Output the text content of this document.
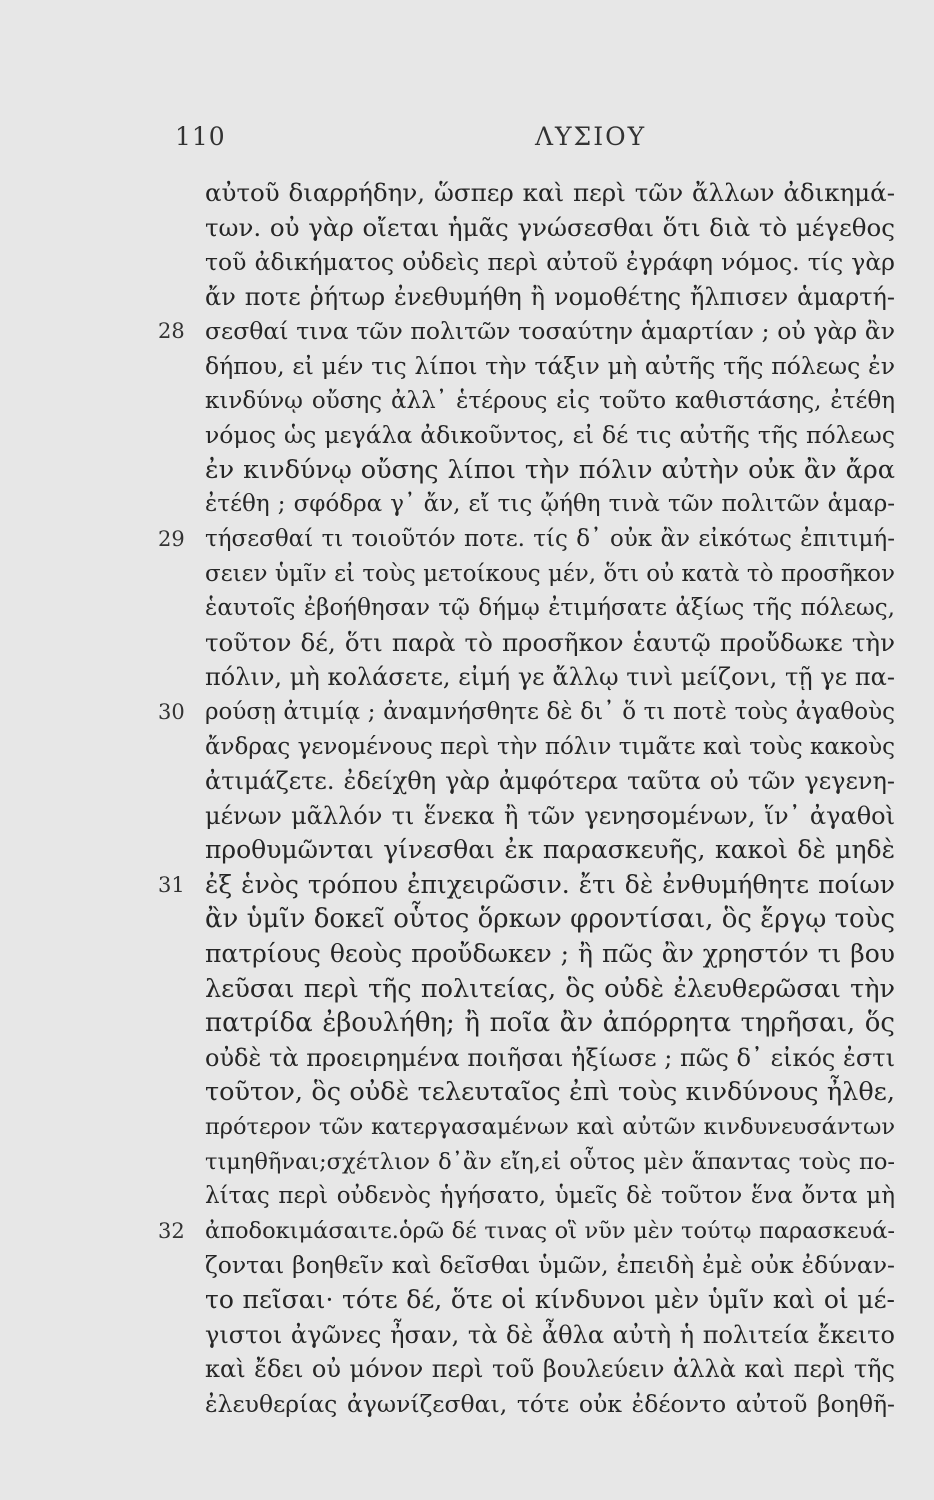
110	ΛΥΣΙΟΥ
αὐτοῦ διαρρήδην, ὥσπερ καὶ περὶ τῶν ἄλλων ἀδικημά-
των. οὐ γὰρ οἴεται ἡμᾶς γνώσεσθαι ὅτι διὰ τὸ μέγεθος
τοῦ ἀδικήματος οὐδεὶς περὶ αὐτοῦ ἐγράφη νόμος. τίς γὰρ
ἄν ποτε ῥήτωρ ἐνεθυμήθη ἢ νομοθέτης ἤλπισεν ἁμαρτή-
28 σεσθαί τινα τῶν πολιτῶν τοσαύτην ἁμαρτίαν ; οὐ γὰρ ἂν
δήπου, εἰ μέν τις λίποι τὴν τάξιν μὴ αὐτῆς τῆς πόλεως ἐν
κινδύνῳ οὔσης ἀλλ᾽ ἑτέρους εἰς τοῦτο καθιστάσης, ἐτέθη
νόμος ὡς μεγάλα ἀδικοῦντος, εἰ δέ τις αὐτῆς τῆς πόλεως
ἐν κινδύνῳ οὔσης λίποι τὴν πόλιν αὐτὴν οὐκ ἂν ἄρα
ἐτέθη ; σφόδρα γ᾽ ἄν, εἴ τις ᾤήθη τινὰ τῶν πολιτῶν ἁμαρ-
29 τήσεσθαί τι τοιοῦτόν ποτε. τίς δ᾽ οὐκ ἂν εἰκότως ἐπιτιμή-
σειεν ὑμῖν εἰ τοὺς μετοίκους μέν, ὅτι οὐ κατὰ τὸ προσῆκον
ἑαυτοῖς ἐβοήθησαν τῷ δήμῳ ἐτιμήσατε ἀξίως τῆς πόλεως,
τοῦτον δέ, ὅτι παρὰ τὸ προσῆκον ἑαυτῷ προὔδωκε τὴν
πόλιν, μὴ κολάσετε, εἰμή γε ἄλλῳ τινὶ μείζονι, τῇ γε πα-
30 ρούσῃ ἀτιμίᾳ ; ἀναμνήσθητε δὲ δι᾽ ὅ τι ποτὲ τοὺς ἀγαθοὺς
ἄνδρας γενομένους περὶ τὴν πόλιν τιμᾶτε καὶ τοὺς κακοὺς
ἀτιμάζετε. ἐδείχθη γὰρ ἀμφότερα ταῦτα οὐ τῶν γεγενη-
μένων μᾶλλόν τι ἕνεκα ἢ τῶν γενησομένων, ἵν᾽ ἀγαθοὶ
προθυμῶνται γίνεσθαι ἐκ παρασκευῆς, κακοὶ δὲ μηδὲ
31 ἐξ ἑνὸς τρόπου ἐπιχειρῶσιν. ἔτι δὲ ἐνθυμήθητε ποίων
ἂν ὑμῖν δοκεῖ οὗτος ὅρκων φροντίσαι, ὃς ἔργῳ τοὺς
πατρίους θεοὺς προὔδωκεν ; ἢ πῶς ἂν χρηστόν τι βου
λεῦσαι περὶ τῆς πολιτείας, ὃς οὐδὲ ἐλευθερῶσαι τὴν
πατρίδα ἐβουλήθη; ἢ ποῖα ἂν ἀπόρρητα τηρῆσαι, ὅς
οὐδὲ τὰ προειρημένα ποιῆσαι ἠξίωσε ; πῶς δ᾽ εἰκός ἐστι
τοῦτον, ὃς οὐδὲ τελευταῖος ἐπὶ τοὺς κινδύνους ἦλθε,
πρότερον τῶν κατεργασαμένων καὶ αὐτῶν κινδυνευσάντων
τιμηθῆναι;σχέτλιον δ᾽ἂν εἴη,εἰ οὗτος μὲν ἅπαντας τοὺς πο-
λίτας περὶ οὐδενὸς ἡγήσατο, ὑμεῖς δὲ τοῦτον ἕνα ὄντα μὴ
32 ἀποδοκιμάσαιτε.ὁρῶ δέ τινας οἳ νῦν μὲν τούτῳ παρασκευά-
ζονται βοηθεῖν καὶ δεῖσθαι ὑμῶν, ἐπειδὴ ἐμὲ οὐκ ἐδύναν-
το πεῖσαι· τότε δέ, ὅτε οἱ κίνδυνοι μὲν ὑμῖν καὶ οἱ μέ-
γιστοι ἀγῶνες ἦσαν, τὰ δὲ ἆθλα αὐτὴ ἡ πολιτεία ἔκειτο
καὶ ἔδει οὐ μόνον περὶ τοῦ βουλεύειν ἀλλὰ καὶ περὶ τῆς
ἐλευθερίας ἀγωνίζεσθαι, τότε οὐκ ἐδέοντο αὐτοῦ βοηθῆ-
